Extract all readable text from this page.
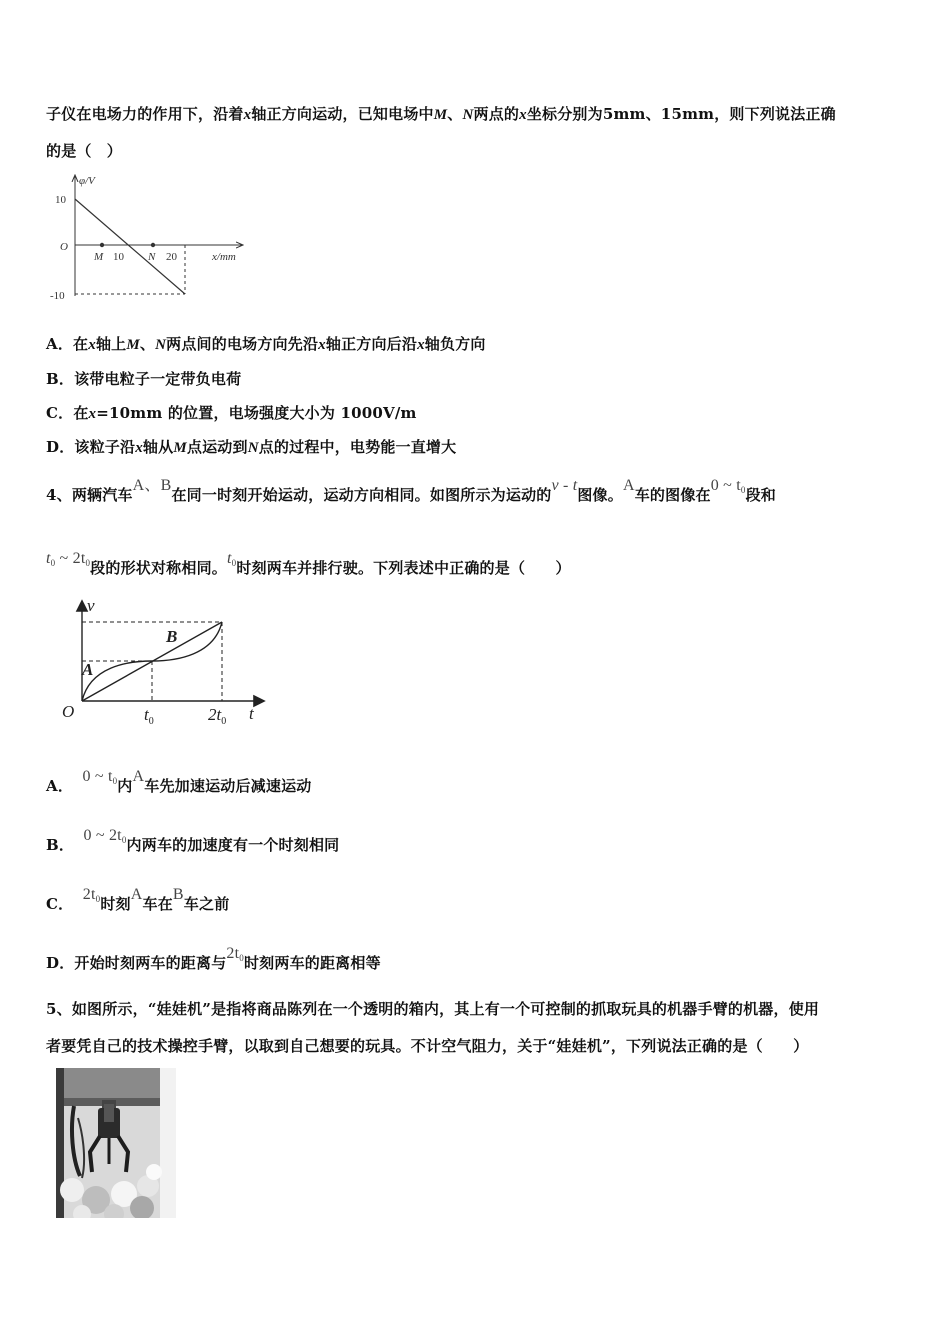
子仪在电场力的作用下，沿着x轴正方向运动，已知电场中M、N两点的x坐标分别为5mm、15mm，则下列说法正确
的是（　）
φ/V
10
O
-10
M 10 N 20	x/mm
A．在x轴上M、N两点间的电场方向先沿x轴正方向后沿x轴负方向
B．该带电粒子一定带负电荷
C．在x=10mm 的位置，电场强度大小为 1000V/m
D．该粒子沿x轴从M点运动到N点的过程中，电势能一直增大
4、两辆汽车A、B在同一时刻开始运动，运动方向相同。如图所示为运动的v - t图像。A车的图像在0 ~ $t_0$段和
$t_0$ ~ $2t_0$段的形状对称相同。$t_0$时刻两车并排行驶。下列表述中正确的是（　　）
v
A
B
O	$t_0$	$2t_0$ t
A． 0 ~ $t_0$内A车先加速运动后减速运动
B． 0 ~ $2t_0$内两车的加速度有一个时刻相同
C． $2t_0$时刻A车在B车之前
D．开始时刻两车的距离与$2t_0$时刻两车的距离相等
5、如图所示，“娃娃机”是指将商品陈列在一个透明的箱内，其上有一个可控制的抓取玩具的机器手臂的机器，使用
者要凭自己的技术操控手臂，以取到自己想要的玩具。不计空气阻力，关于“娃娃机”，下列说法正确的是（　　）
